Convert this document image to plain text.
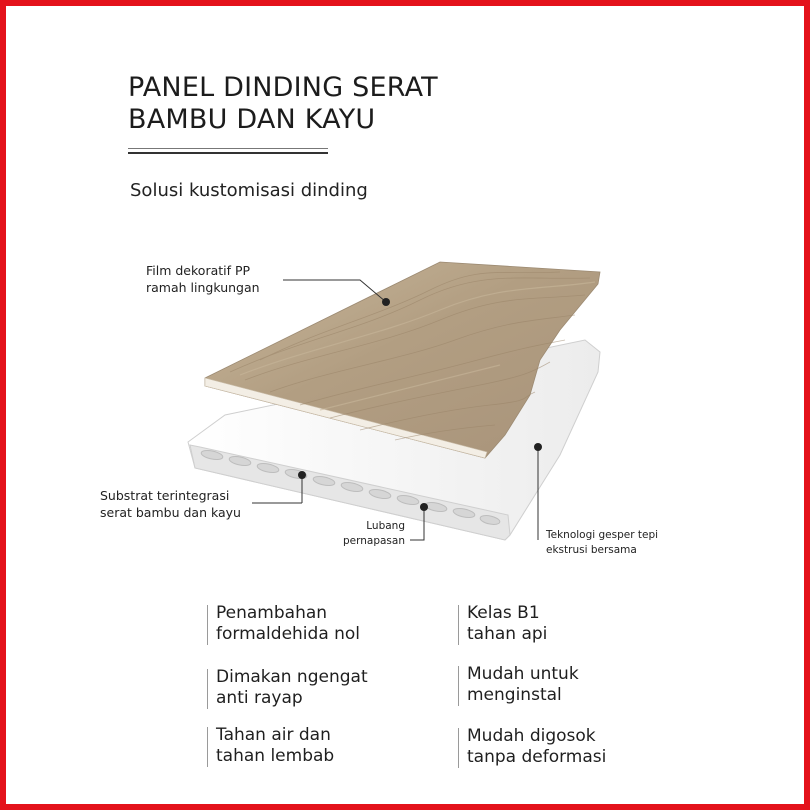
PANEL DINDING SERAT
BAMBU DAN KAYU
Solusi kustomisasi dinding
Film dekoratif PP
ramah lingkungan
Substrat terintegrasi
serat bambu dan kayu
Lubang
pernapasan	Teknologi gesper tepi
ekstrusi bersama
Penambahan
formaldehida nol
Kelas B1
tahan api
Dimakan ngengat
anti rayap
Mudah untuk
menginstal
Tahan air dan
tahan lembab
Mudah digosok
tanpa deformasi
